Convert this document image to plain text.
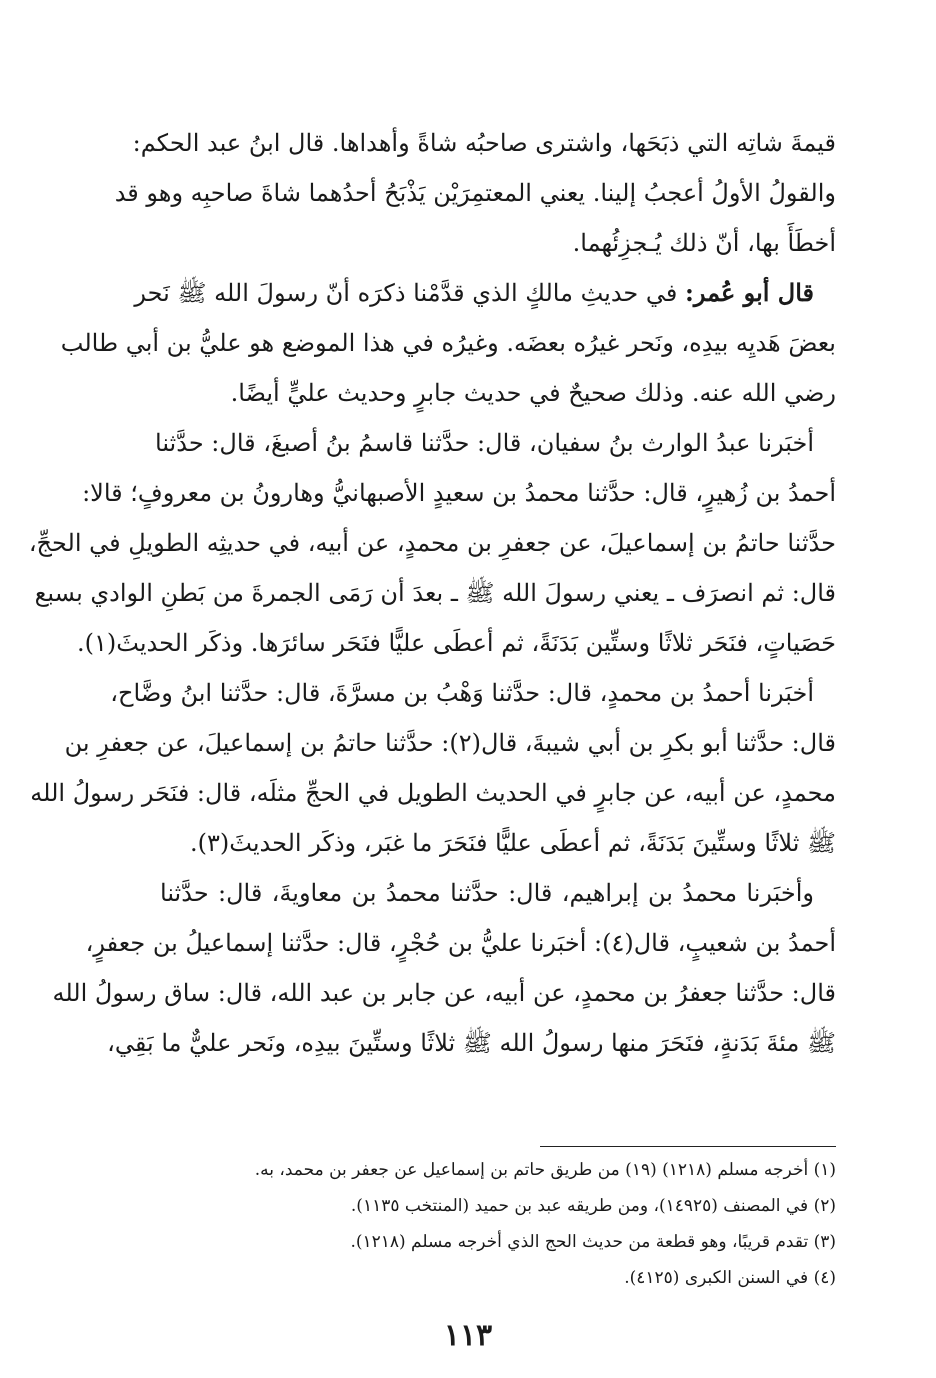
قيمةَ شاتِه التي ذبَحَها، واشترى صاحبُه شاةً وأهداها. قال ابنُ عبد الحكم:
والقولُ الأولُ أعجبُ إلينا. يعني المعتمِرَيْن يَذْبَحُ أحدُهما شاةَ صاحبِه وهو قد
أخطَأَ بها، أنّ ذلك يُـجزِئُهما.
قال أبو عُمر: في حديثِ مالكٍ الذي قدَّمْنا ذكرَه أنّ رسولَ الله ﷺ نَحر
بعضَ هَديِه بيدِه، ونَحر غيرُه بعضَه. وغيرُه في هذا الموضع هو عليُّ بن أبي طالب
رضي الله عنه. وذلك صحيحٌ في حديث جابرٍ وحديث عليٍّ أيضًا.
أخبَرنا عبدُ الوارث بنُ سفيان، قال: حدَّثنا قاسمُ بنُ أصبغَ، قال: حدَّثنا
أحمدُ بن زُهيرٍ، قال: حدَّثنا محمدُ بن سعيدٍ الأصبهانيُّ وهارونُ بن معروفٍ؛ قالا:
حدَّثنا حاتمُ بن إسماعيلَ، عن جعفرِ بن محمدٍ، عن أبيه، في حديثِه الطويلِ في الحجِّ،
قال: ثم انصرَف ـ يعني رسولَ الله ﷺ ـ بعدَ أن رَمَى الجمرةَ من بَطنِ الوادي بسبع
حَصَياتٍ، فنَحَر ثلاثًا وستِّين بَدَنَةً، ثم أعطَى عليًّا فنَحَر سائرَها. وذكَر الحديثَ(١).
أخبَرنا أحمدُ بن محمدٍ، قال: حدَّثنا وَهْبُ بن مسرَّةَ، قال: حدَّثنا ابنُ وضَّاح،
قال: حدَّثنا أبو بكرِ بن أبي شيبةَ، قال(٢): حدَّثنا حاتمُ بن إسماعيلَ، عن جعفرِ بن
محمدٍ، عن أبيه، عن جابرٍ في الحديث الطويل في الحجِّ مثلَه، قال: فنَحَر رسولُ الله
ﷺ ثلاثًا وستِّينَ بَدَنَةً، ثم أعطَى عليًّا فنَحَرَ ما غبَر، وذكَر الحديثَ(٣).
وأخبَرنا محمدُ بن إبراهيم، قال: حدَّثنا محمدُ بن معاويةَ، قال: حدَّثنا
أحمدُ بن شعيبٍ، قال(٤): أخبَرنا عليُّ بن حُجْرٍ، قال: حدَّثنا إسماعيلُ بن جعفرٍ،
قال: حدَّثنا جعفرُ بن محمدٍ، عن أبيه، عن جابر بن عبد الله، قال: ساق رسولُ الله
ﷺ مئةَ بَدَنةٍ، فنَحَرَ منها رسولُ الله ﷺ ثلاثًا وستِّينَ بيدِه، ونَحر عليٌّ ما بَقِي،
(١) أخرجه مسلم (١٢١٨) (١٩) من طريق حاتم بن إسماعيل عن جعفر بن محمد، به.
(٢) في المصنف (١٤٩٢٥)، ومن طريقه عبد بن حميد (المنتخب ١١٣٥).
(٣) تقدم قريبًا، وهو قطعة من حديث الحج الذي أخرجه مسلم (١٢١٨).
(٤) في السنن الكبرى (٤١٢٥).
١١٣
